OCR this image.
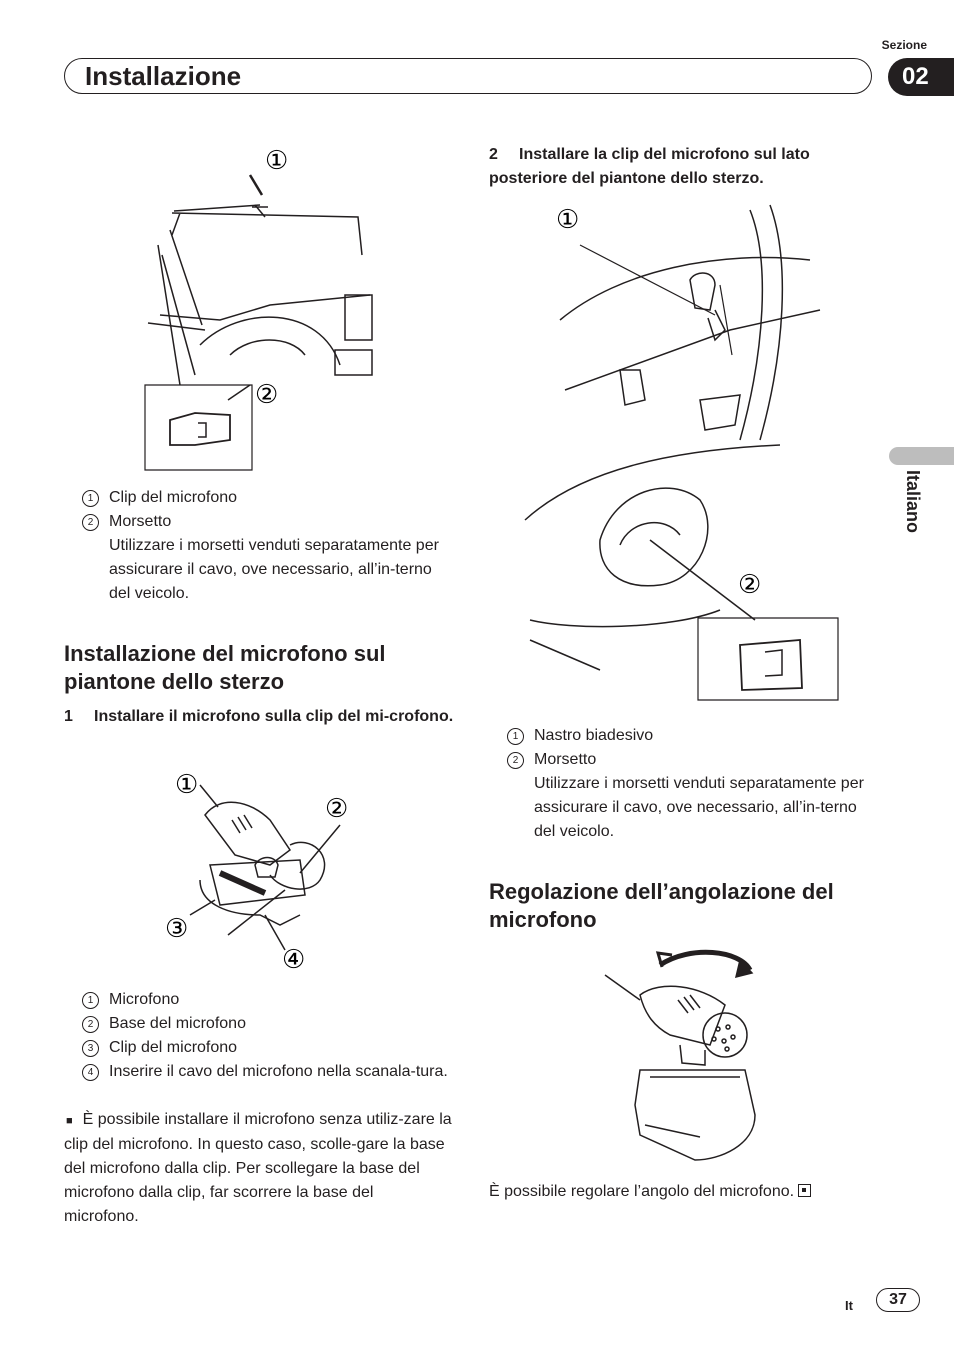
Sezione
Installazione	02
Italiano
①
②
1 Clip del microfono
2 Morsetto
Utilizzare i morsetti venduti separatamente per assicurare il cavo, ove necessario, all’in-terno del veicolo.
Installazione del microfono sul piantone dello sterzo
1 Installare il microfono sulla clip del mi-crofono.
①
②
③
④
1 Microfono
2 Base del microfono
3 Clip del microfono
4 Inserire il cavo del microfono nella scanala-tura.
■ È possibile installare il microfono senza utiliz-zare la clip del microfono. In questo caso, scolle-gare la base del microfono dalla clip. Per scollegare la base del microfono dalla clip, far scorrere la base del microfono.
2 Installare la clip del microfono sul lato posteriore del piantone dello sterzo.
①
②
1 Nastro biadesivo
2 Morsetto
Utilizzare i morsetti venduti separatamente per assicurare il cavo, ove necessario, all’in-terno del veicolo.
Regolazione dell’angolazione del microfono
È possibile regolare l’angolo del microfono.
It	37
